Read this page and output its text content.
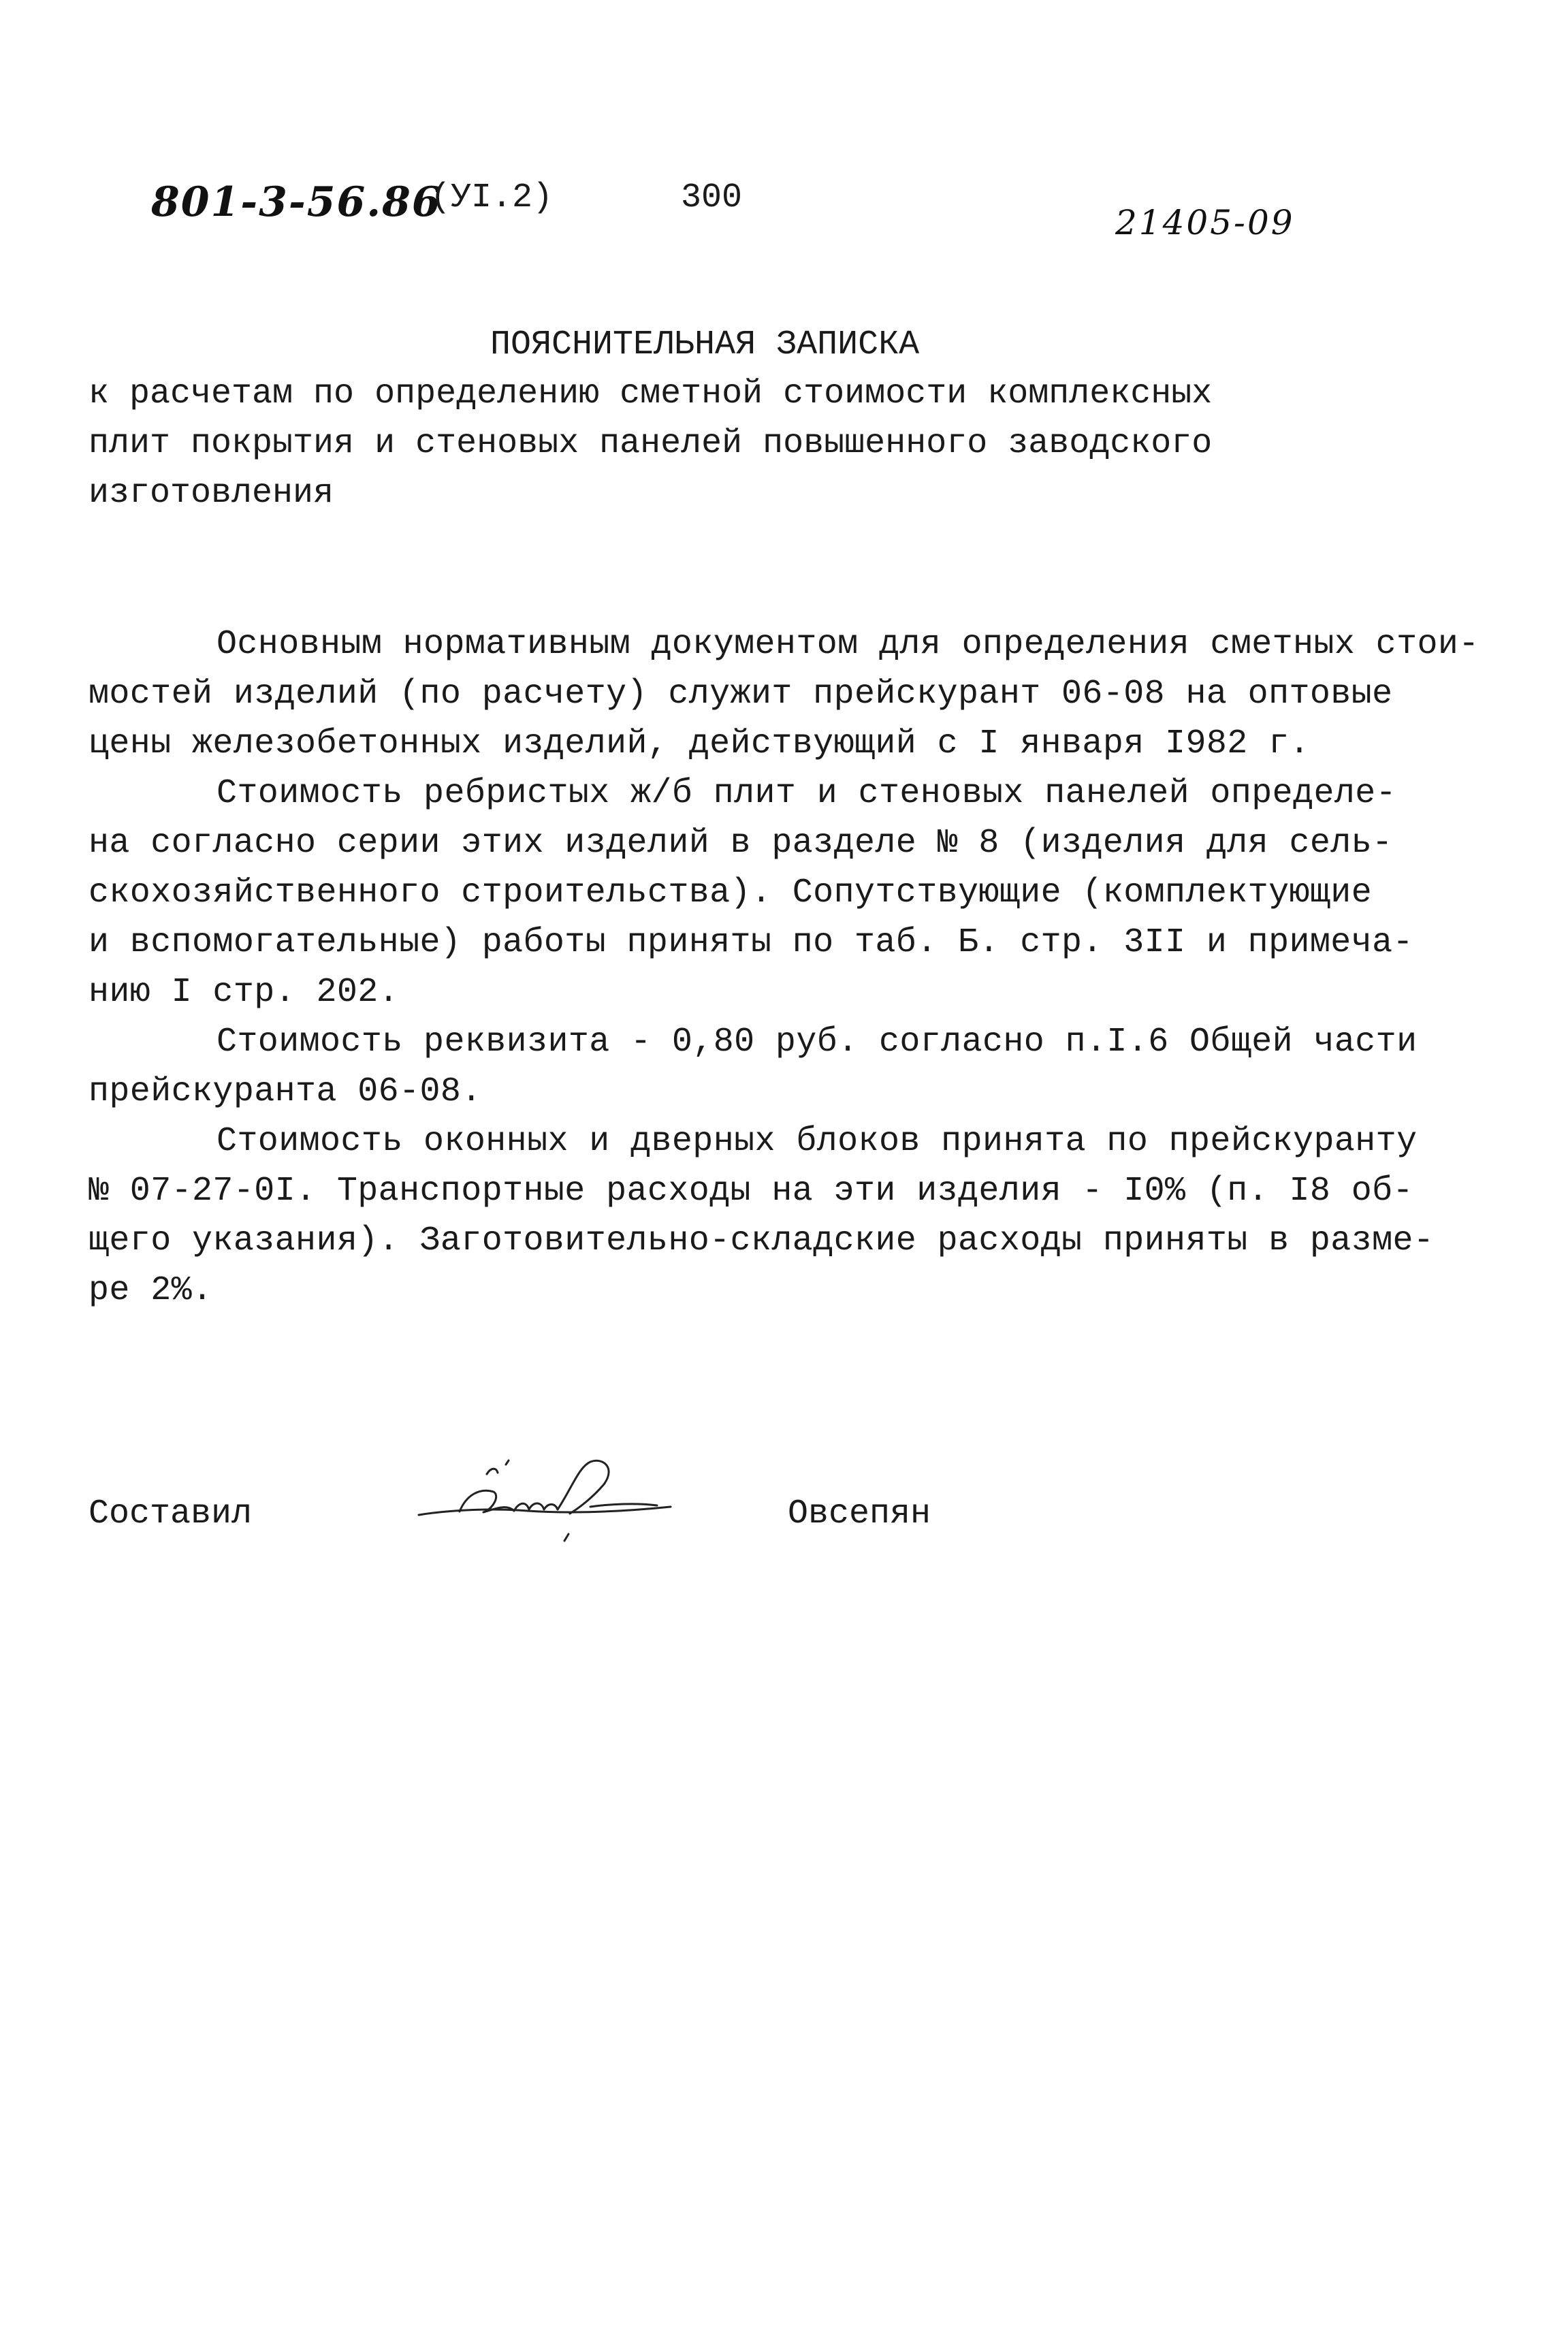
801-3-56.86
(УI.2)	300
21405-09
ПОЯСНИТЕЛЬНАЯ ЗАПИСКА
к расчетам по определению сметной стоимости комплексных
плит покрытия и стеновых панелей повышенного заводского
изготовления
Основным нормативным документом для определения сметных стои-
мостей изделий (по расчету) служит прейскурант 06-08 на оптовые
цены железобетонных изделий, действующий с I января I982 г.
Стоимость ребристых ж/б плит и стеновых панелей определе-
на согласно серии этих изделий в разделе № 8 (изделия для сель-
скохозяйственного строительства). Сопутствующие (комплектующие
и вспомогательные) работы приняты по таб. Б. стр. 3II и примеча-
нию I стр. 202.
Стоимость реквизита - 0,80 руб. согласно п.I.6 Общей части
прейскуранта 06-08.
Стоимость оконных и дверных блоков принята по прейскуранту
№ 07-27-0I. Транспортные расходы на эти изделия - I0% (п. I8 об-
щего указания). Заготовительно-складские расходы приняты в разме-
ре 2%.
Составил	Овсепян
